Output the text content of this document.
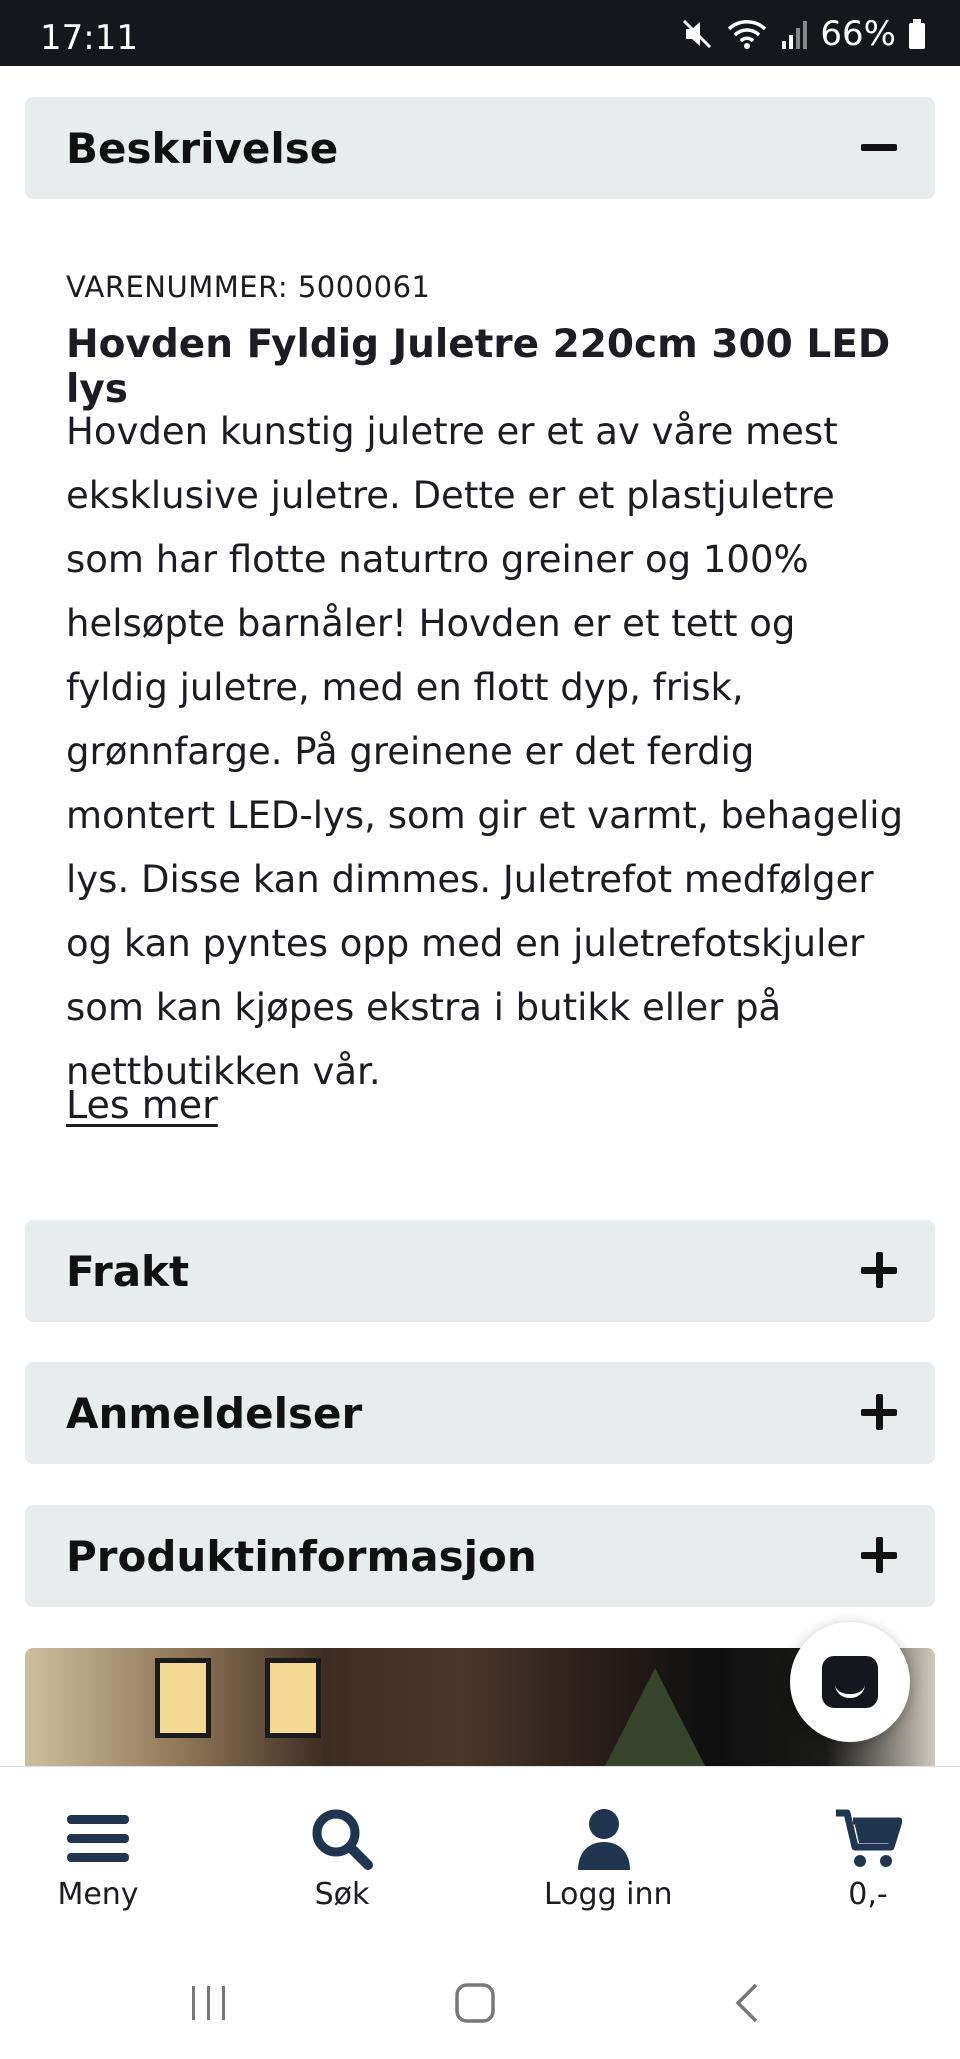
17:11	66%
Beskrivelse
VARENUMMER: 5000061
Hovden Fyldig Juletre 220cm 300 LED lys
Hovden kunstig juletre er et av våre mest eksklusive juletre. Dette er et plastjuletre som har flotte naturtro greiner og 100% helsøpte barnåler! Hovden er et tett og fyldig juletre, med en flott dyp, frisk, grønnfarge. På greinene er det ferdig montert LED-lys, som gir et varmt, behagelig lys. Disse kan dimmes. Juletrefot medfølger og kan pyntes opp med en juletrefotskjuler som kan kjøpes ekstra i butikk eller på nettbutikken vår.
Les mer
Frakt
Anmeldelser
Produktinformasjon
Meny	Søk	Logg inn	0,-
